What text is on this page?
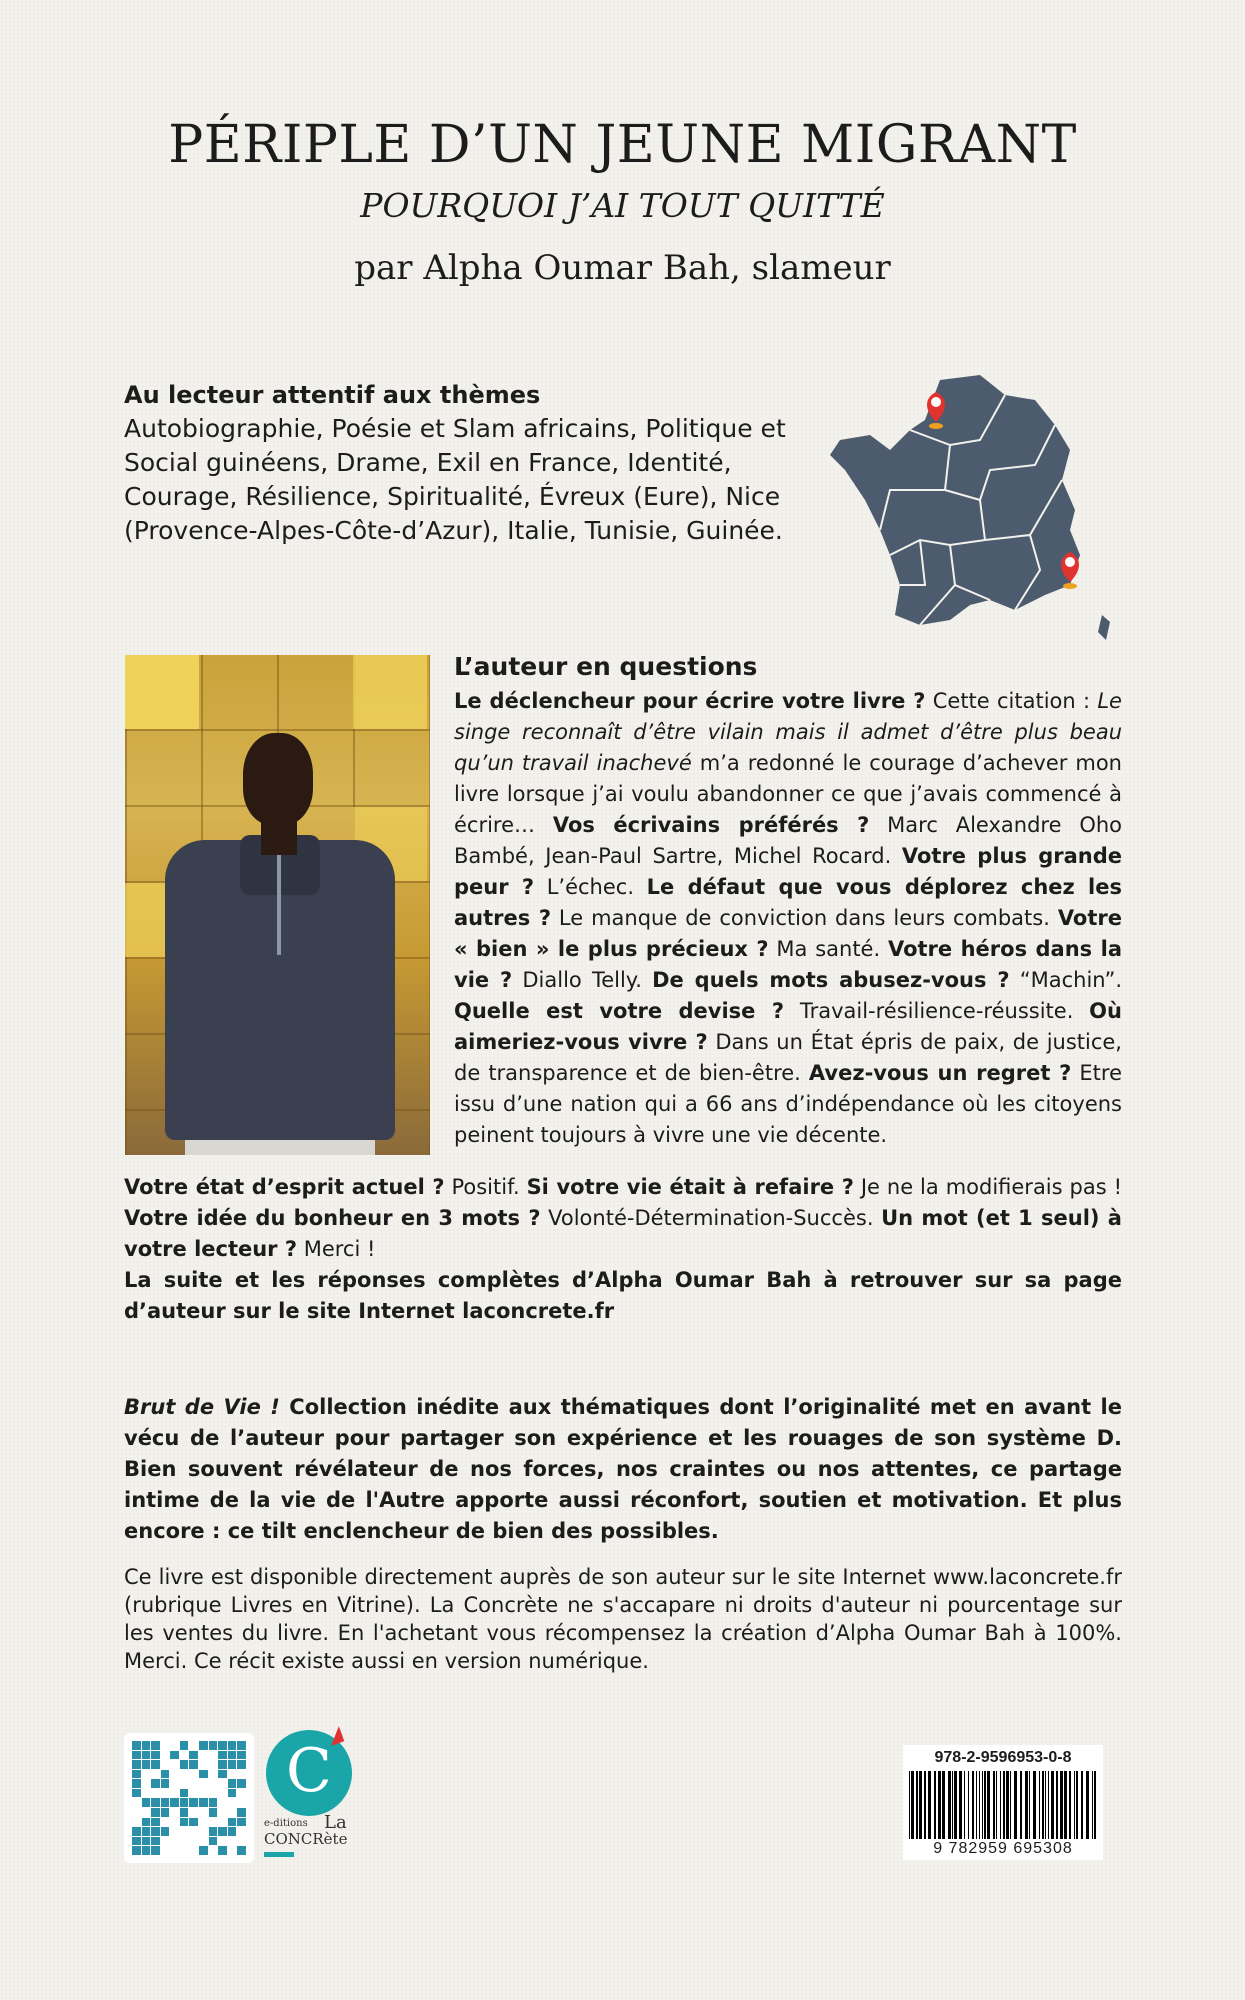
PÉRIPLE D’UN JEUNE MIGRANT
POURQUOI J’AI TOUT QUITTÉ
par Alpha Oumar Bah, slameur
Au lecteur attentif aux thèmes

Autobiographie, Poésie et Slam africains, Politique et Social guinéens, Drame, Exil en France, Identité, Courage, Résilience, Spiritualité, Évreux (Eure), Nice (Provence-Alpes-Côte-d’Azur), Italie, Tunisie, Guinée.

L’auteur en questions

Le déclencheur pour écrire votre livre ? Cette citation : Le singe reconnaît d’être vilain mais il admet d’être plus beau qu’un travail inachevé m’a redonné le courage d’achever mon livre lorsque j’ai voulu abandonner ce que j’avais commencé à écrire… Vos écrivains préférés ? Marc Alexandre Oho Bambé, Jean-Paul Sartre, Michel Rocard. Votre plus grande peur ? L’échec. Le défaut que vous déplorez chez les autres ? Le manque de conviction dans leurs combats. Votre « bien » le plus précieux ? Ma santé. Votre héros dans la vie ? Diallo Telly. De quels mots abusez-vous ? “Machin”. Quelle est votre devise ? Travail-résilience-réussite. Où aimeriez-vous vivre ? Dans un État épris de paix, de justice, de transparence et de bien-être. Avez-vous un regret ? Etre issu d’une nation qui a 66 ans d’indépendance où les citoyens peinent toujours à vivre une vie décente.

Votre état d’esprit actuel ? Positif. Si votre vie était à refaire ? Je ne la modifierais pas ! Votre idée du bonheur en 3 mots ? Volonté-Détermination-Succès. Un mot (et 1 seul) à votre lecteur ? Merci !

La suite et les réponses complètes d’Alpha Oumar Bah à retrouver sur sa page d’auteur sur le site Internet laconcrete.fr

Brut de Vie ! Collection inédite aux thématiques dont l’originalité met en avant le vécu de l’auteur pour partager son expérience et les rouages de son système D. Bien souvent révélateur de nos forces, nos craintes ou nos attentes, ce partage intime de la vie de l'Autre apporte aussi réconfort, soutien et motivation. Et plus encore : ce tilt enclencheur de bien des possibles.

Ce livre est disponible directement auprès de son auteur sur le site Internet www.laconcrete.fr (rubrique Livres en Vitrine). La Concrète ne s'accapare ni droits d'auteur ni pourcentage sur les ventes du livre. En l'achetant vous récompensez la création d’Alpha Oumar Bah à 100%. Merci. Ce récit existe aussi en version numérique.

C
e-ditions La
CONCRète
978-2-9596953-0-8
9 782959 695308
